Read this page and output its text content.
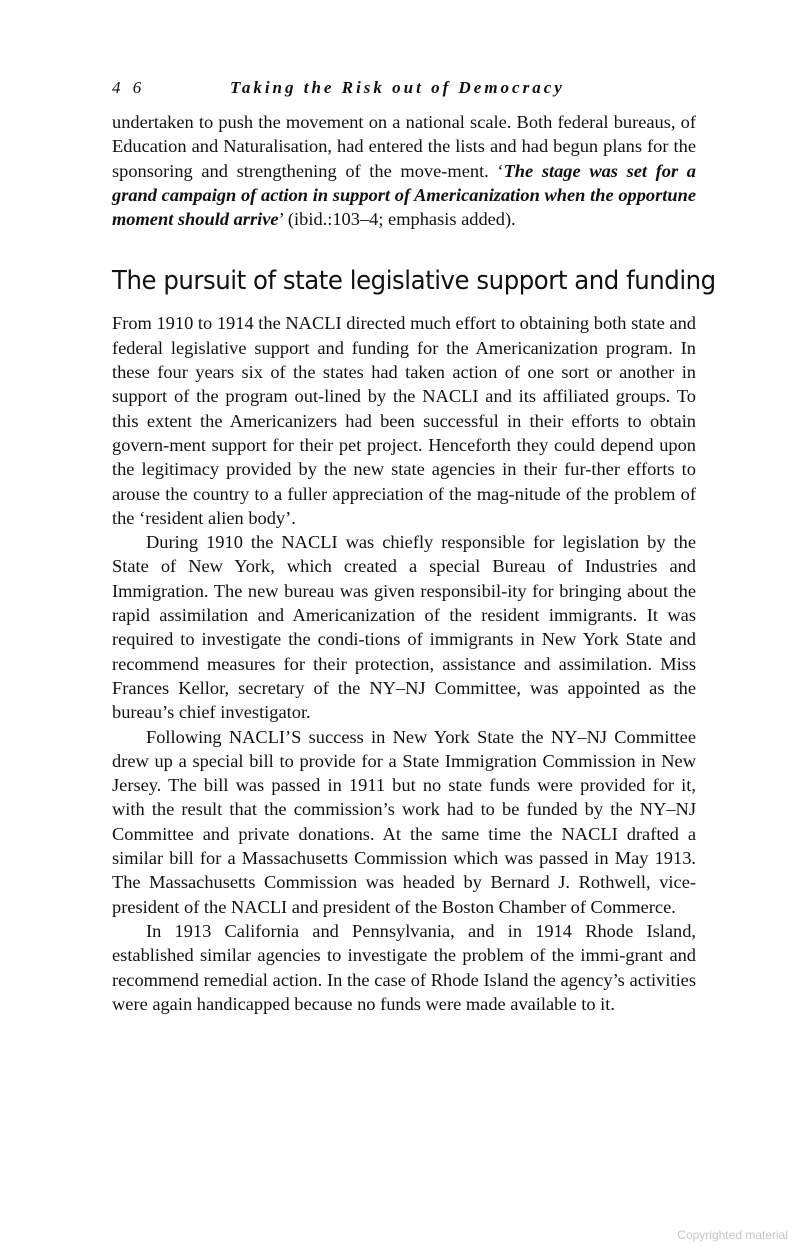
4 6	Taking the Risk out of Democracy

undertaken to push the movement on a national scale. Both federal bureaus, of Education and Naturalisation, had entered the lists and had begun plans for the sponsoring and strengthening of the move-ment. ‘The stage was set for a grand campaign of action in support of Americanization when the opportune moment should arrive’ (ibid.:103–4; emphasis added).

The pursuit of state legislative support and funding

From 1910 to 1914 the NACLI directed much effort to obtaining both state and federal legislative support and funding for the Americanization program. In these four years six of the states had taken action of one sort or another in support of the program out-lined by the NACLI and its affiliated groups. To this extent the Americanizers had been successful in their efforts to obtain govern-ment support for their pet project. Henceforth they could depend upon the legitimacy provided by the new state agencies in their fur-ther efforts to arouse the country to a fuller appreciation of the mag-nitude of the problem of the ‘resident alien body’.

During 1910 the NACLI was chiefly responsible for legislation by the State of New York, which created a special Bureau of Industries and Immigration. The new bureau was given responsibil-ity for bringing about the rapid assimilation and Americanization of the resident immigrants. It was required to investigate the condi-tions of immigrants in New York State and recommend measures for their protection, assistance and assimilation. Miss Frances Kellor, secretary of the NY–NJ Committee, was appointed as the bureau’s chief investigator.

Following NACLI’S success in New York State the NY–NJ Committee drew up a special bill to provide for a State Immigration Commission in New Jersey. The bill was passed in 1911 but no state funds were provided for it, with the result that the commission’s work had to be funded by the NY–NJ Committee and private donations. At the same time the NACLI drafted a similar bill for a Massachusetts Commission which was passed in May 1913. The Massachusetts Commission was headed by Bernard J. Rothwell, vice-president of the NACLI and president of the Boston Chamber of Commerce.

In 1913 California and Pennsylvania, and in 1914 Rhode Island, established similar agencies to investigate the problem of the immi-grant and recommend remedial action. In the case of Rhode Island the agency’s activities were again handicapped because no funds were made available to it.

Copyrighted material
